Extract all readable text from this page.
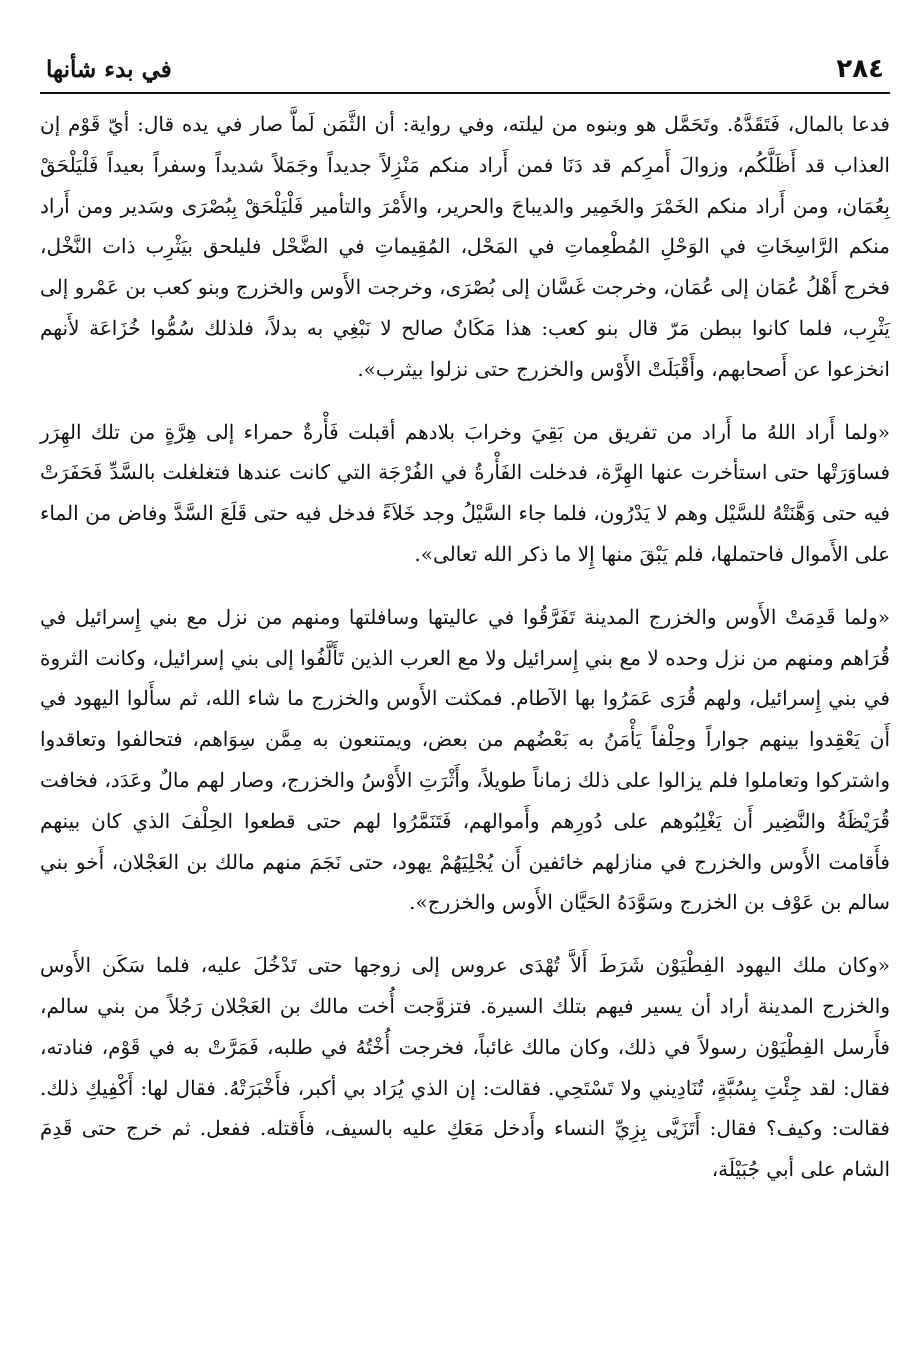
٢٨٤
في بدء شأنها

فدعا بالمال، فَتَقَدَّهُ. وتَحَمَّل هو وبنوه من ليلته، وفي رواية: أن الثَّمَن لَماَّ صار في يده قال: أيّ قَوْم إن العذاب قد أَظَلَّكُم، وزوالَ أَمرِكم قد دَنَا فمن أَراد منكم مَنْزِلاً جديداً وجَمَلاً شديداً وسفراً بعيداً فَلْيَلْحَقْ بِعُمَان، ومن أَراد منكم الخَمْرَ والخَمِير والديباجَ والحرير، والأَمْرَ والتأمير فَلْيَلْحَقْ بِبُصْرَى وسَدير ومن أَراد منكم الرَّاسِخَاتِ في الوَحْلِ المُطْعِماتِ في المَحْل، المُقِيماتِ في الضَّحْل فليلحق بيَثْرِب ذات النَّخْل، فخرج أَهْلُ عُمَان إلى عُمَان، وخرجت غَسَّان إلى بُصْرَى، وخرجت الأَوس والخزرج وبنو كعب بن عَمْرو إلى يَثْرِب، فلما كانوا ببطن مَرّ قال بنو كعب: هذا مَكَانٌ صالح لا نَبْغِي به بدلاً، فلذلك سُمُّوا خُزَاعَة لأَنهم انخزعوا عن أَصحابهم، وأَقْبَلَتْ الأَوْس والخزرج حتى نزلوا بيثرب».

«ولما أَراد اللهُ ما أَراد من تفريق من بَقِيَ وخرابَ بلادهم أقبلت فَأْرةٌ حمراء إلى هِرَّةٍ من تلك الهِرَر فساوَرَتْها حتى استأخرت عنها الهِرَّة، فدخلت الفَأْرةُ في الفُرْجَة التي كانت عندها فتغلغلت بالسَّدِّ فَحَفَرَتْ فيه حتى وَهَّنَتْهُ للسَّيْل وهم لا يَدْرُون، فلما جاء السَّيْلُ وجد خَلاَءً فدخل فيه حتى قَلَعَ السَّدَّ وفاض من الماء على الأَموال فاحتملها، فلم يَبْقَ منها إِلا ما ذكر الله تعالى».

«ولما قَدِمَتْ الأَوس والخزرج المدينة تَفَرَّقُوا في عاليتها وسافلتها ومنهم من نزل مع بني إِسرائيل في قُرَاهم ومنهم من نزل وحده لا مع بني إِسرائيل ولا مع العرب الذين تَأَلَّفُوا إلى بني إسرائيل، وكانت الثروة في بني إِسرائيل، ولهم قُرَى عَمَرُوا بها الآطام. فمكثت الأَوس والخزرج ما شاء الله، ثم سأَلوا اليهود في أَن يَعْقِدوا بينهم جواراً وحِلْفاً يَأْمَنُ به بَعْضُهم من بعض، ويمتنعون به مِمَّن سِوَاهم، فتحالفوا وتعاقدوا واشتركوا وتعاملوا فلم يزالوا على ذلك زماناً طويلاً، وأَثْرَتِ الأَوْسُ والخزرج، وصار لهم مالٌ وعَدَد، فخافت قُرَيْظَةُ والنَّضِير أَن يَغْلِبُوهم على دُورِهم وأَموالهم، فَتَنَمَّرُوا لهم حتى قطعوا الحِلْفَ الذي كان بينهم فأَقامت الأَوس والخزرج في منازلهم خائفين أَن يُجْلِيَهُمْ يهود، حتى نَجَمَ منهم مالك بن العَجْلان، أَخو بني سالم بن عَوْف بن الخزرج وسَوَّدَهُ الحَيَّان الأَوس والخزرج».

«وكان ملك اليهود الفِطْيَوْن شَرَطَ أَلاَّ تُهْدَى عروس إلى زوجها حتى تَدْخُلَ عليه، فلما سَكَن الأَوس والخزرج المدينة أراد أن يسير فيهم بتلك السيرة. فتزوَّجت أُخت مالك بن العَجْلان رَجُلاً من بني سالم، فأَرسل الفِطْيَوْن رسولاً في ذلك، وكان مالك غائباً، فخرجت أُخْتُهُ في طلبه، فَمَرَّتْ به في قَوْم، فنادته، فقال: لقد جِئْتِ بِسُبَّةٍ، تُنَادِيني ولا تَسْتَحِي. فقالت: إن الذي يُرَاد بي أكبر، فأَخْبَرَتْهُ. فقال لها: أَكْفِيكِ ذلك. فقالت: وكيف؟ فقال: أَتَزَيَّى بِزِيِّ النساء وأَدخل مَعَكِ عليه بالسيف، فأَقتله. ففعل. ثم خرج حتى قَدِمَ الشام على أبي جُبَيْلَة،
